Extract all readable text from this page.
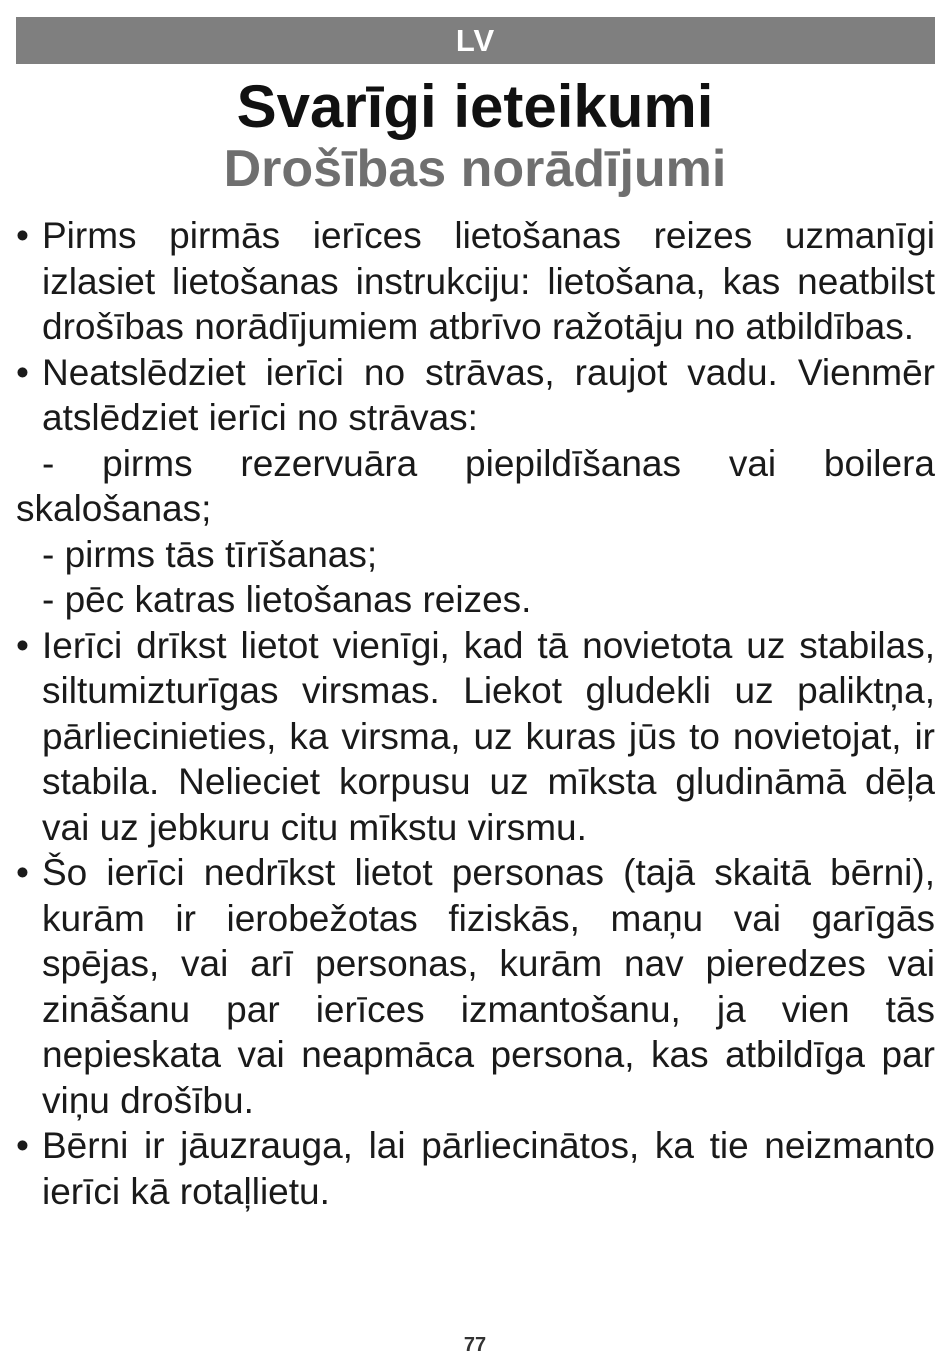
LV
Svarīgi ieteikumi
Drošības norādījumi
• Pirms pirmās ierīces lietošanas reizes uzmanīgi izlasiet lietošanas instrukciju: lietošana, kas neatbilst drošības norādījumiem atbrīvo ražotāju no atbildības.
• Neatslēdziet ierīci no strāvas, raujot vadu. Vienmēr atslēdziet ierīci no strāvas:
- pirms rezervuāra piepildīšanas vai boilera skalošanas;
- pirms tās tīrīšanas;
- pēc katras lietošanas reizes.
• Ierīci drīkst lietot vienīgi, kad tā novietota uz stabilas, siltumizturīgas virsmas. Liekot gludekli uz paliktņa, pārliecinieties, ka virsma, uz kuras jūs to novietojat, ir stabila. Nelieciet korpusu uz mīksta gludināmā dēļa vai uz jebkuru citu mīkstu virsmu.
• Šo ierīci nedrīkst lietot personas (tajā skaitā bērni), kurām ir ierobežotas fiziskās, maņu vai garīgās spējas, vai arī personas, kurām nav pieredzes vai zināšanu par ierīces izmantošanu, ja vien tās nepieskata vai neapmāca persona, kas atbildīga par viņu drošību.
• Bērni ir jāuzrauga, lai pārliecinātos, ka tie neizmanto ierīci kā rotaļlietu.
77
